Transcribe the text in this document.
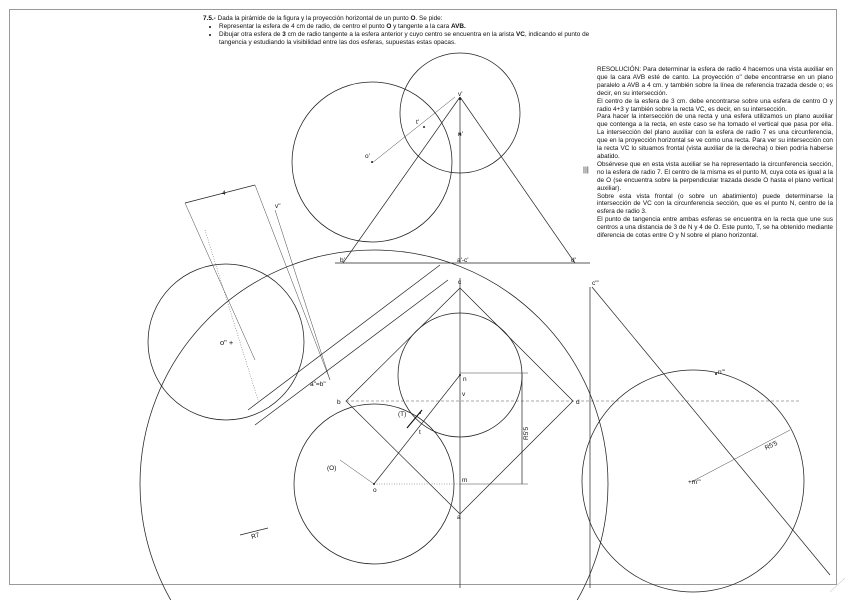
v'
n'
t'
o'
b'	a'-c'	d'
4
v"
o" +
a"=b"
c
n
b
v
d
(T)
t
(O)
o
m
a
R5'5
R7
c"'
n"'
R5'5
+m"'
|||
7.5.- Dada la pirámide de la figura y la proyección horizontal de un punto O. Se pide:
• Representar la esfera de 4 cm de radio, de centro el punto O y tangente a la cara AVB.
• Dibujar otra esfera de 3 cm de radio tangente a la esfera anterior y cuyo centro se encuentra en la arista VC, indicando el punto de tangencia y estudiando la visibilidad entre las dos esferas, supuestas estas opacas.

RESOLUCIÓN: Para determinar la esfera de radio 4 hacemos una vista auxiliar en que la cara AVB esté de canto. La proyección o" debe encontrarse en un plano paralelo a AVB a 4 cm. y también sobre la línea de referencia trazada desde o; es decir, en su intersección.

El centro de la esfera de 3 cm. debe encontrarse sobre una esfera de centro O y radio 4+3 y también sobre la recta VC, es decir, en su intersección.

Para hacer la intersección de una recta y una esfera utilizamos un plano auxiliar que contenga a la recta, en este caso se ha tomado el vertical que pasa por ella. La intersección del plano auxiliar con la esfera de radio 7 es una circunferencia, que en la proyección horizontal se ve como una recta. Para ver su intersección con la recta VC lo situamos frontal (vista auxiliar de la derecha) o bien podría haberse abatido.

Obsérvese que en esta vista auxiliar se ha representado la circunferencia sección, no la esfera de radio 7. El centro de la misma es el punto M, cuya cota es igual a la de O (se encuentra sobre la perpendicular trazada desde O hasta el plano vertical auxiliar).

Sobre esta vista frontal (o sobre un abatimiento) puede determinarse la intersección de VC con la circunferencia sección, que es el punto N, centro de la esfera de radio 3.

El punto de tangencia entre ambas esferas se encuentra en la recta que une sus centros a una distancia de 3 de N y 4 de O. Este punto, T, se ha obtenido mediante diferencia de cotas entre O y N sobre el plano horizontal.
